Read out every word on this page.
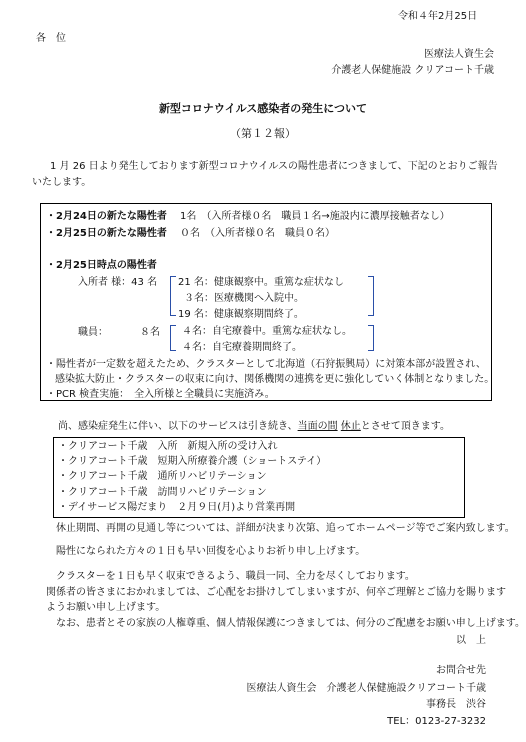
令和４年2月25日
各　位
医療法人資生会
介護老人保健施設 クリアコート千歳
新型コロナウイルス感染者の発生について
（第１２報）
1 月 26 日より発生しております新型コロナウイルスの陽性患者につきまして、下記のとおりご報告
いたします。
・2月24日の新たな陽性者 1名　（入所者様０名　職員１名→施設内に濃厚接触者なし）
・2月25日の新たな陽性者 ０名　（入所者様０名　職員０名）
・2月25日時点の陽性者
入所者 様：43 名 21 名：健康観察中。重篤な症状なし
３名：医療機関へ入院中。
19 名：健康観察期間終了。
職員：	８名 ４名：自宅療養中。重篤な症状なし。
４名：自宅療養期間終了。
・陽性者が一定数を超えたため、クラスターとして北海道（石狩振興局）に対策本部が設置され、
感染拡大防止・クラスターの収束に向け、関係機関の連携を更に強化していく体制となりました。
・PCR 検査実施：　全入所様と全職員に実施済み。
尚、感染症発生に伴い、以下のサービスは引き続き、当面の間 休止とさせて頂きます。
・クリアコート千歳　入所　新規入所の受け入れ
・クリアコート千歳　短期入所療養介護（ショートステイ）
・クリアコート千歳　通所リハビリテーション
・クリアコート千歳　訪問リハビリテーション
・デイサービス陽だまり　２月９日(月)より営業再開
休止期間、再開の見通し等については、詳細が決まり次第、追ってホームページ等でご案内致します。
陽性になられた方々の１日も早い回復を心よりお祈り申し上げます。
クラスターを１日も早く収束できるよう、職員一同、全力を尽くしております。
関係者の皆さまにおかれましては、ご心配をお掛けしてしまいますが、何卒ご理解とご協力を賜ります
ようお願い申し上げます。
なお、患者とその家族の人権尊重、個人情報保護につきましては、何分のご配慮をお願い申し上げます。
以　上
お問合せ先
医療法人資生会　介護老人保健施設クリアコート千歳
事務長　渋谷
TEL：0123-27-3232
